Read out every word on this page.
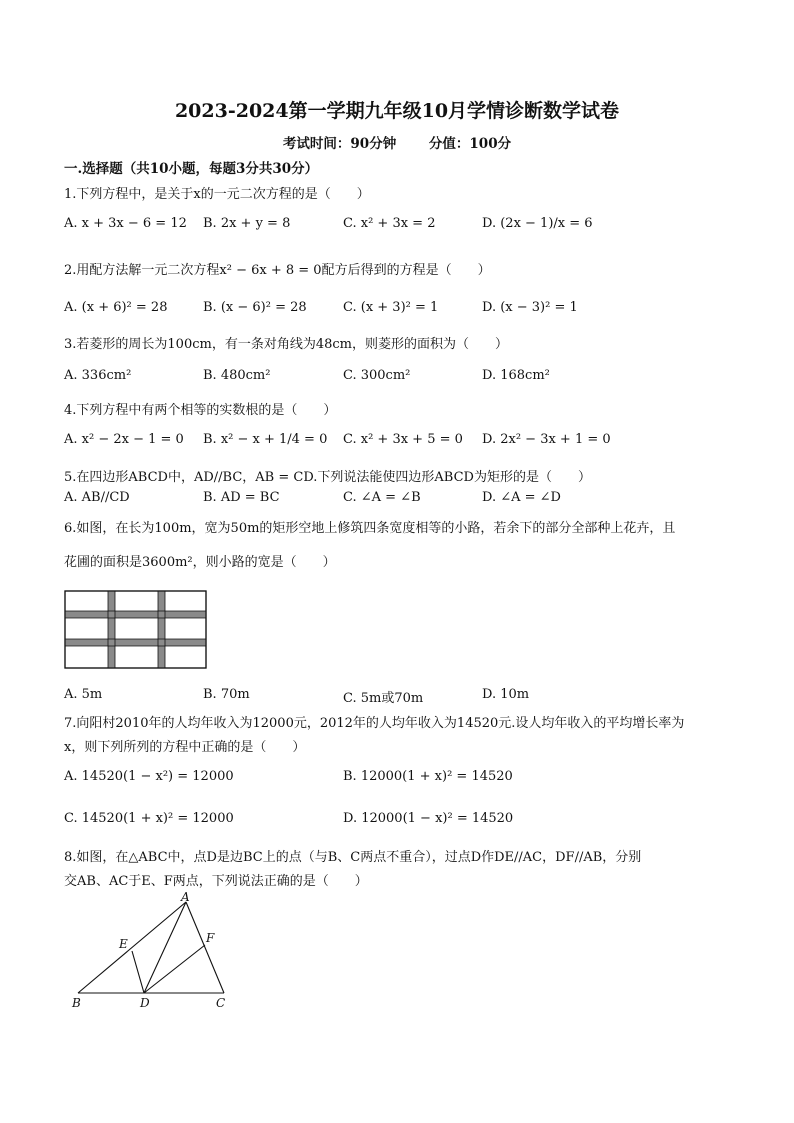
2023-2024第一学期九年级10月学情诊断数学试卷
考试时间：90分钟 分值：100分
一.选择题（共10小题，每题3分共30分）
1.下列方程中，是关于x的一元二次方程的是（　　）
A. x + 3x − 6 = 12 B. 2x + y = 8	C. x² + 3x = 2	D. (2x − 1)/x = 6
2.用配方法解一元二次方程x² − 6x + 8 = 0配方后得到的方程是（　　）
A. (x + 6)² = 28	B. (x − 6)² = 28	C. (x + 3)² = 1	D. (x − 3)² = 1
3.若菱形的周长为100cm，有一条对角线为48cm，则菱形的面积为（　　）
A. 336cm²	B. 480cm²	C. 300cm²	D. 168cm²
4.下列方程中有两个相等的实数根的是（　　）
A. x² − 2x − 1 = 0 B. x² − x + 1/4 = 0 C. x² + 3x + 5 = 0 D. 2x² − 3x + 1 = 0
5.在四边形ABCD中，AD//BC，AB = CD.下列说法能使四边形ABCD为矩形的是（　　）
A. AB//CD	B. AD = BC	C. ∠A = ∠B	D. ∠A = ∠D
6.如图，在长为100m，宽为50m的矩形空地上修筑四条宽度相等的小路，若余下的部分全部种上花卉，且
花圃的面积是3600m²，则小路的宽是（　　）
A. 5m	B. 70m	C. 5m或70m	D. 10m
7.向阳村2010年的人均年收入为12000元，2012年的人均年收入为14520元.设人均年收入的平均增长率为
x，则下列所列的方程中正确的是（　　）
A. 14520(1 − x²) = 12000	B. 12000(1 + x)² = 14520
C. 14520(1 + x)² = 12000	D. 12000(1 − x)² = 14520
8.如图，在△ABC中，点D是边BC上的点（与B、C两点不重合），过点D作DE//AC，DF//AB，分别
交AB、AC于E、F两点，下列说法正确的是（　　）
A
B	C
D
E	F
